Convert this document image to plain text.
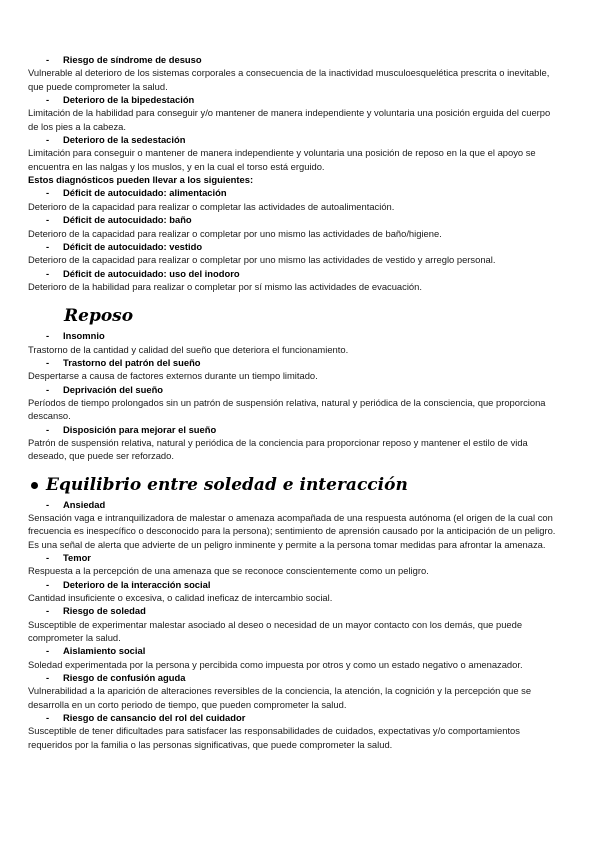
- Riesgo de síndrome de desuso

Vulnerable al deterioro de los sistemas corporales a consecuencia de la inactividad musculoesquelética prescrita o inevitable, que puede comprometer la salud.

- Deterioro de la bipedestación

Limitación de la habilidad para conseguir y/o mantener de manera independiente y voluntaria una posición erguida del cuerpo de los pies a la cabeza.

- Deterioro de la sedestación

Limitación para conseguir o mantener de manera independiente y voluntaria una posición de reposo en la que el apoyo se encuentra en las nalgas y los muslos, y en la cual el torso está erguido.

Estos diagnósticos pueden llevar a los siguientes:

- Déficit de autocuidado: alimentación

Deterioro de la capacidad para realizar o completar las actividades de autoalimentación.

- Déficit de autocuidado: baño

Deterioro de la capacidad para realizar o completar por uno mismo las actividades de baño/higiene.

- Déficit de autocuidado: vestido

Deterioro de la capacidad para realizar o completar por uno mismo las actividades de vestido y arreglo personal.

- Déficit de autocuidado: uso del inodoro

Deterioro de la habilidad para realizar o completar por sí mismo las actividades de evacuación.

Reposo

- Insomnio

Trastorno de la cantidad y calidad del sueño que deteriora el funcionamiento.

- Trastorno del patrón del sueño

Despertarse a causa de factores externos durante un tiempo limitado.

- Deprivación del sueño

Períodos de tiempo prolongados sin un patrón de suspensión relativa, natural y periódica de la consciencia, que proporciona descanso.

- Disposición para mejorar el sueño

Patrón de suspensión relativa, natural y periódica de la conciencia para proporcionar reposo y mantener el estilo de vida deseado, que puede ser reforzado.

Equilibrio entre soledad e interacción

- Ansiedad

Sensación vaga e intranquilizadora de malestar o amenaza acompañada de una respuesta autónoma (el origen de la cual con frecuencia es inespecífico o desconocido para la persona); sentimiento de aprensión causado por la anticipación de un peligro. Es una señal de alerta que advierte de un peligro inminente y permite a la persona tomar medidas para afrontar la amenaza.

- Temor

Respuesta a la percepción de una amenaza que se reconoce conscientemente como un peligro.

- Deterioro de la interacción social

Cantidad insuficiente o excesiva, o calidad ineficaz de intercambio social.

- Riesgo de soledad

Susceptible de experimentar malestar asociado al deseo o necesidad de un mayor contacto con los demás, que puede comprometer la salud.

- Aislamiento social

Soledad experimentada por la persona y percibida como impuesta por otros y como un estado negativo o amenazador.

- Riesgo de confusión aguda

Vulnerabilidad a la aparición de alteraciones reversibles de la conciencia, la atención, la cognición y la percepción que se desarrolla en un corto periodo de tiempo, que pueden comprometer la salud.

- Riesgo de cansancio del rol del cuidador

Susceptible de tener dificultades para satisfacer las responsabilidades de cuidados, expectativas y/o comportamientos requeridos por la familia o las personas significativas, que puede comprometer la salud.
